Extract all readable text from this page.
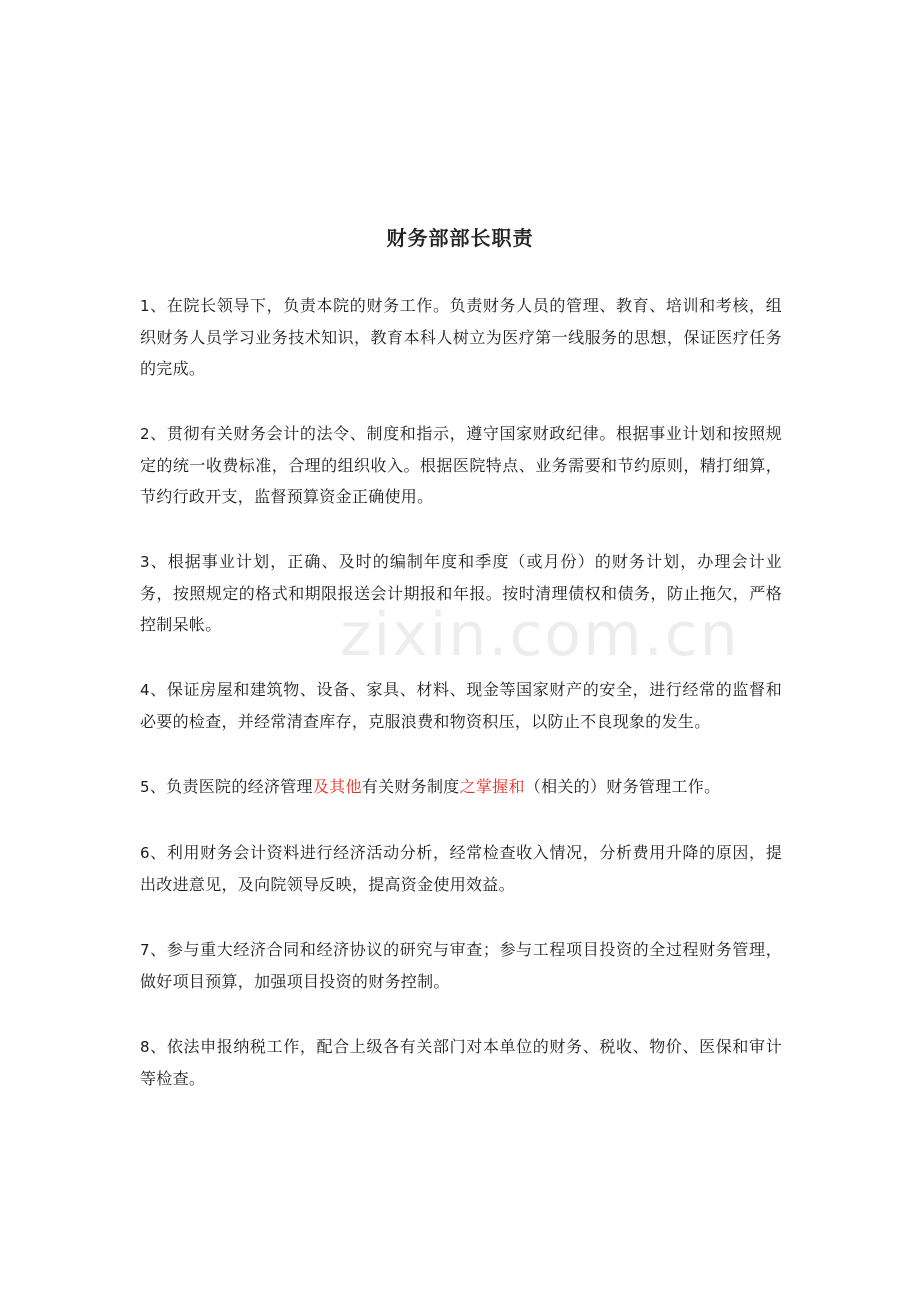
zixin.com.cn
财务部部长职责

1、在院长领导下，负责本院的财务工作。负责财务人员的管理、教育、培训和考核，组织财务人员学习业务技术知识，教育本科人树立为医疗第一线服务的思想，保证医疗任务的完成。

2、贯彻有关财务会计的法令、制度和指示，遵守国家财政纪律。根据事业计划和按照规定的统一收费标准，合理的组织收入。根据医院特点、业务需要和节约原则，精打细算，节约行政开支，监督预算资金正确使用。

3、根据事业计划，正确、及时的编制年度和季度（或月份）的财务计划，办理会计业务，按照规定的格式和期限报送会计期报和年报。按时清理债权和债务，防止拖欠，严格控制呆帐。

4、保证房屋和建筑物、设备、家具、材料、现金等国家财产的安全，进行经常的监督和必要的检查，并经常清查库存，克服浪费和物资积压，以防止不良现象的发生。

5、负责医院的经济管理及其他有关财务制度之掌握和（相关的）财务管理工作。

6、利用财务会计资料进行经济活动分析，经常检查收入情况，分析费用升降的原因，提出改进意见，及向院领导反映，提高资金使用效益。

7、参与重大经济合同和经济协议的研究与审查；参与工程项目投资的全过程财务管理，做好项目预算，加强项目投资的财务控制。

8、依法申报纳税工作，配合上级各有关部门对本单位的财务、税收、物价、医保和审计等检查。
